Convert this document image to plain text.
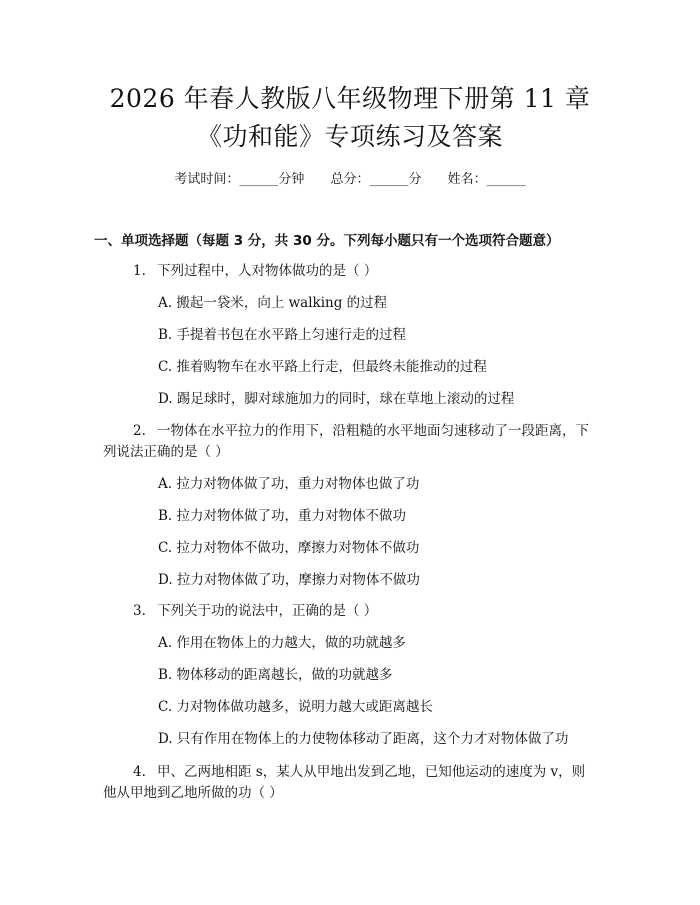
2026 年春人教版八年级物理下册第 11 章
《功和能》专项练习及答案
考试时间：______分钟 总分：______分 姓名：______
一、单项选择题（每题 3 分，共 30 分。下列每小题只有一个选项符合题意）
1. 下列过程中，人对物体做功的是（ ）
A. 搬起一袋米，向上 walking 的过程
B. 手提着书包在水平路上匀速行走的过程
C. 推着购物车在水平路上行走，但最终未能推动的过程
D. 踢足球时，脚对球施加力的同时，球在草地上滚动的过程
2. 一物体在水平拉力的作用下，沿粗糙的水平地面匀速移动了一段距离，下
列说法正确的是（ ）
A. 拉力对物体做了功，重力对物体也做了功
B. 拉力对物体做了功，重力对物体不做功
C. 拉力对物体不做功，摩擦力对物体不做功
D. 拉力对物体做了功，摩擦力对物体不做功
3. 下列关于功的说法中，正确的是（ ）
A. 作用在物体上的力越大，做的功就越多
B. 物体移动的距离越长，做的功就越多
C. 力对物体做功越多，说明力越大或距离越长
D. 只有作用在物体上的力使物体移动了距离，这个力才对物体做了功
4. 甲、乙两地相距 s，某人从甲地出发到乙地，已知他运动的速度为 v，则
他从甲地到乙地所做的功（ ）
